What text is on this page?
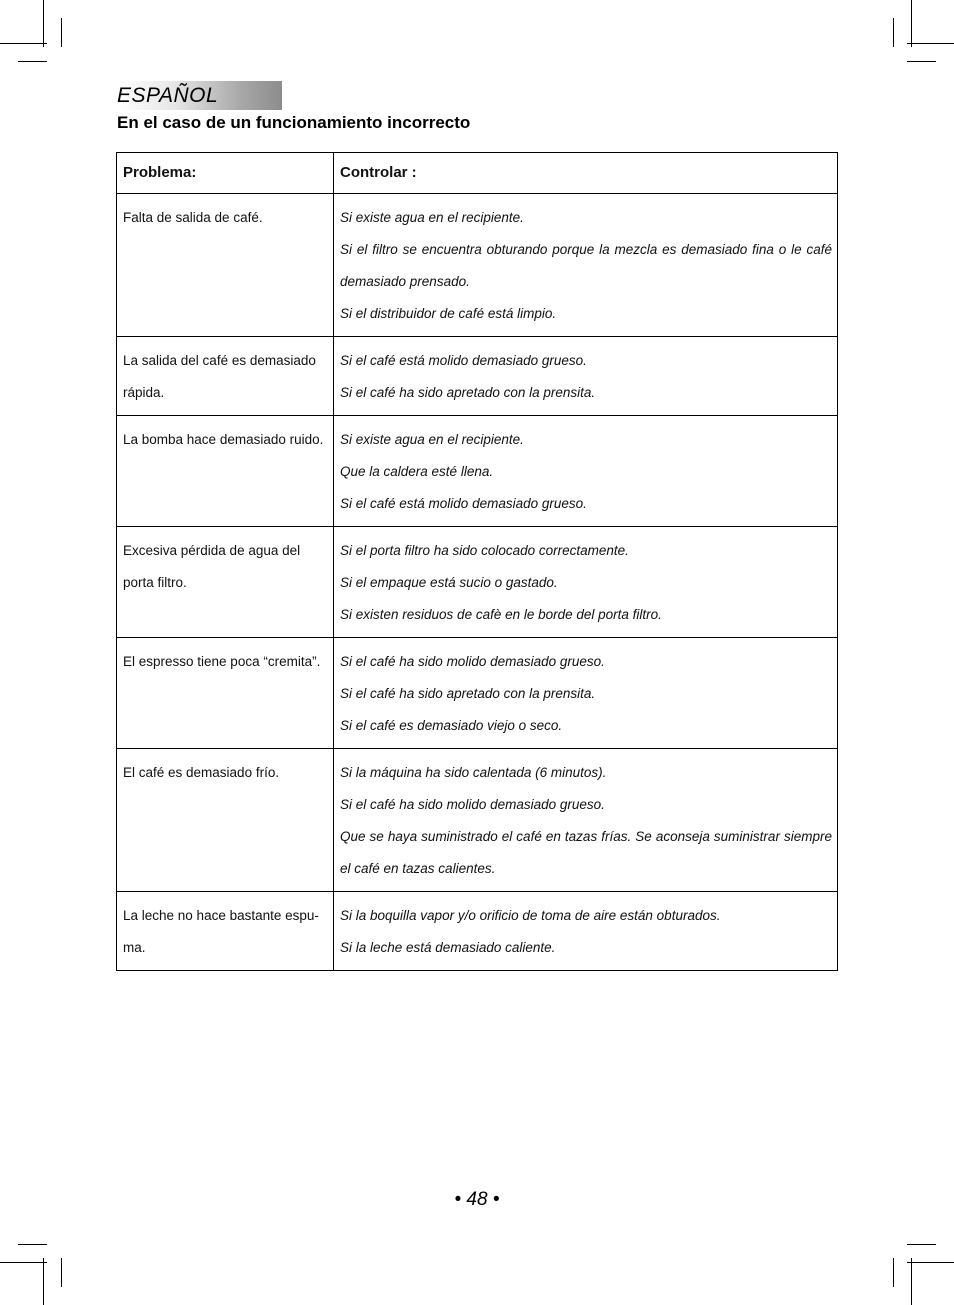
ESPAÑOL
En el caso de un funcionamiento incorrecto
Problema:	Controlar :
Falta de salida de café.	Si existe agua en el recipiente.
Si el filtro se encuentra obturando porque la mezcla es demasiado fina o le café demasiado prensado.
Si el distribuidor de café está limpio.

La salida del café es demasiado rápida.	Si el café está molido demasiado grueso.
Si el café ha sido apretado con la prensita.

La bomba hace demasiado ruido.	Si existe agua en el recipiente.
Que la caldera esté llena.
Si el café está molido demasiado grueso.

Excesiva pérdida de agua del porta filtro.	Si el porta filtro ha sido colocado correctamente.
Si el empaque está sucio o gastado.
Si existen residuos de cafè en le borde del porta filtro.

El espresso tiene poca “cremita”.	Si el café ha sido molido demasiado grueso.
Si el café ha sido apretado con la prensita.
Si el café es demasiado viejo o seco.

El café es demasiado frío.	Si la máquina ha sido calentada (6 minutos).
Si el café ha sido molido demasiado grueso.
Que se haya suministrado el café en tazas frías. Se aconseja suministrar siempre el café en tazas calientes.

La leche no hace bastante espu-ma.	Si la boquilla vapor y/o orificio de toma de aire están obturados.
Si la leche está demasiado caliente.
• 48 •
